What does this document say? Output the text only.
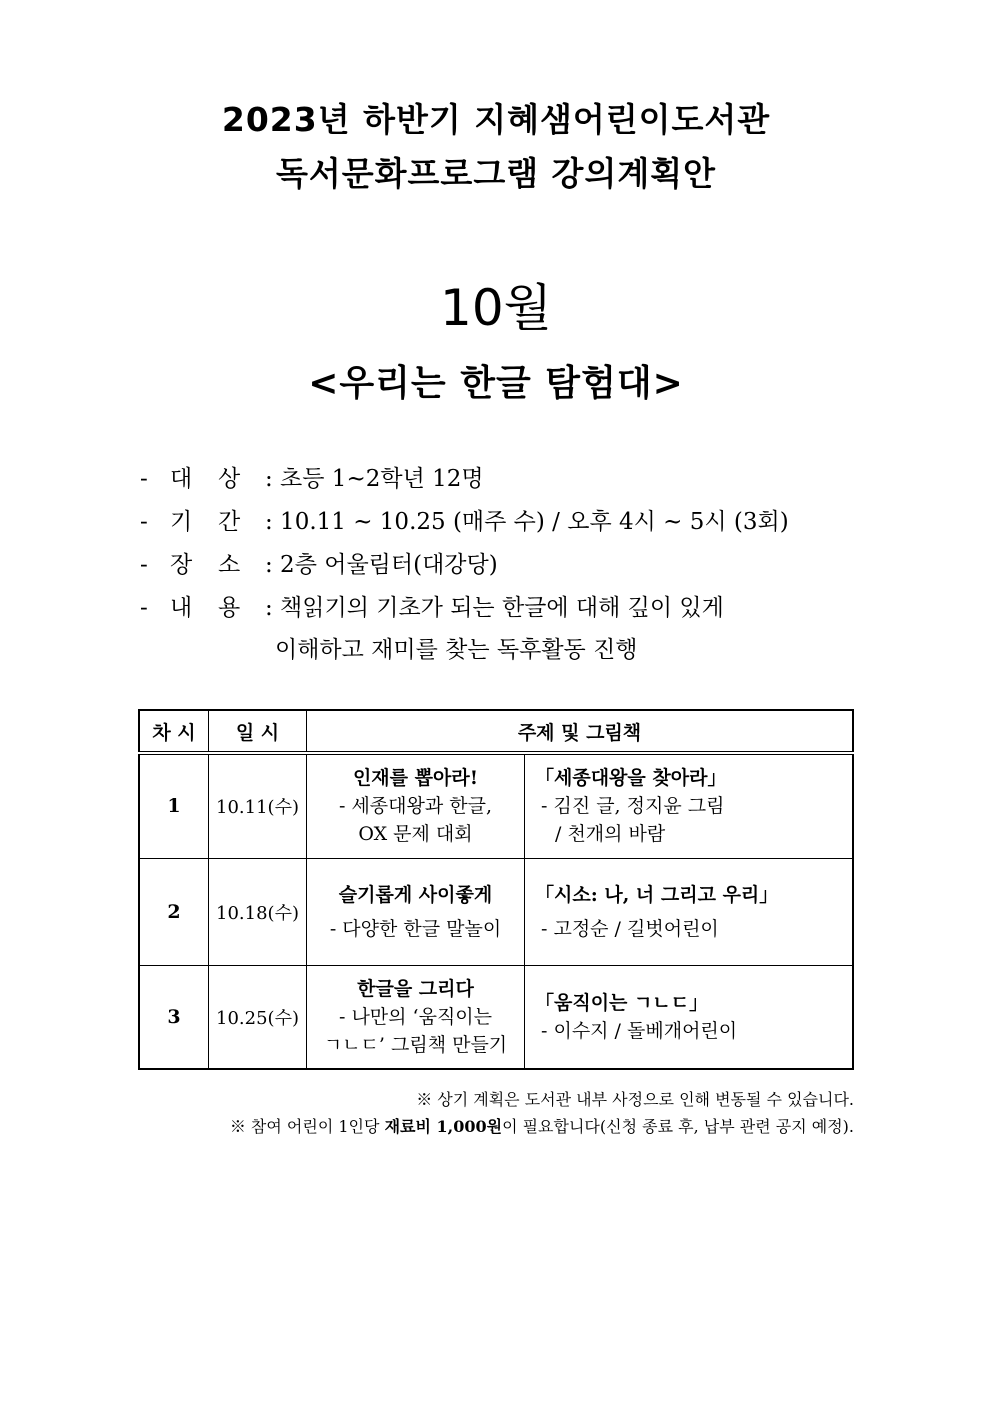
2023년 하반기 지혜샘어린이도서관
독서문화프로그램 강의계획안
10월
<우리는 한글 탐험대>
- 대 상 : 초등 1~2학년 12명
- 기 간 : 10.11 ~ 10.25 (매주 수) / 오후 4시 ~ 5시 (3회)
- 장 소 : 2층 어울림터(대강당)
- 내 용 : 책읽기의 기초가 되는 한글에 대해 깊이 있게
이해하고 재미를 찾는 독후활동 진행
차 시	일 시	주제 및 그림책	
1	10.11(수)	인재를 뽑아라!
- 세종대왕과 한글,
OX 문제 대회	「세종대왕을 찾아라」
- 김진 글, 정지윤 그림
/ 천개의 바람

2	10.18(수)	슬기롭게 사이좋게
- 다양한 한글 말놀이	「시소: 나, 너 그리고 우리」
- 고정순 / 길벗어린이

3	10.25(수)	한글을 그리다
- 나만의 ‘움직이는
ㄱㄴㄷ’ 그림책 만들기	「움직이는 ㄱㄴㄷ」
- 이수지 / 돌베개어린이
※ 상기 계획은 도서관 내부 사정으로 인해 변동될 수 있습니다.
※ 참여 어린이 1인당 재료비 1,000원이 필요합니다(신청 종료 후, 납부 관련 공지 예정).
